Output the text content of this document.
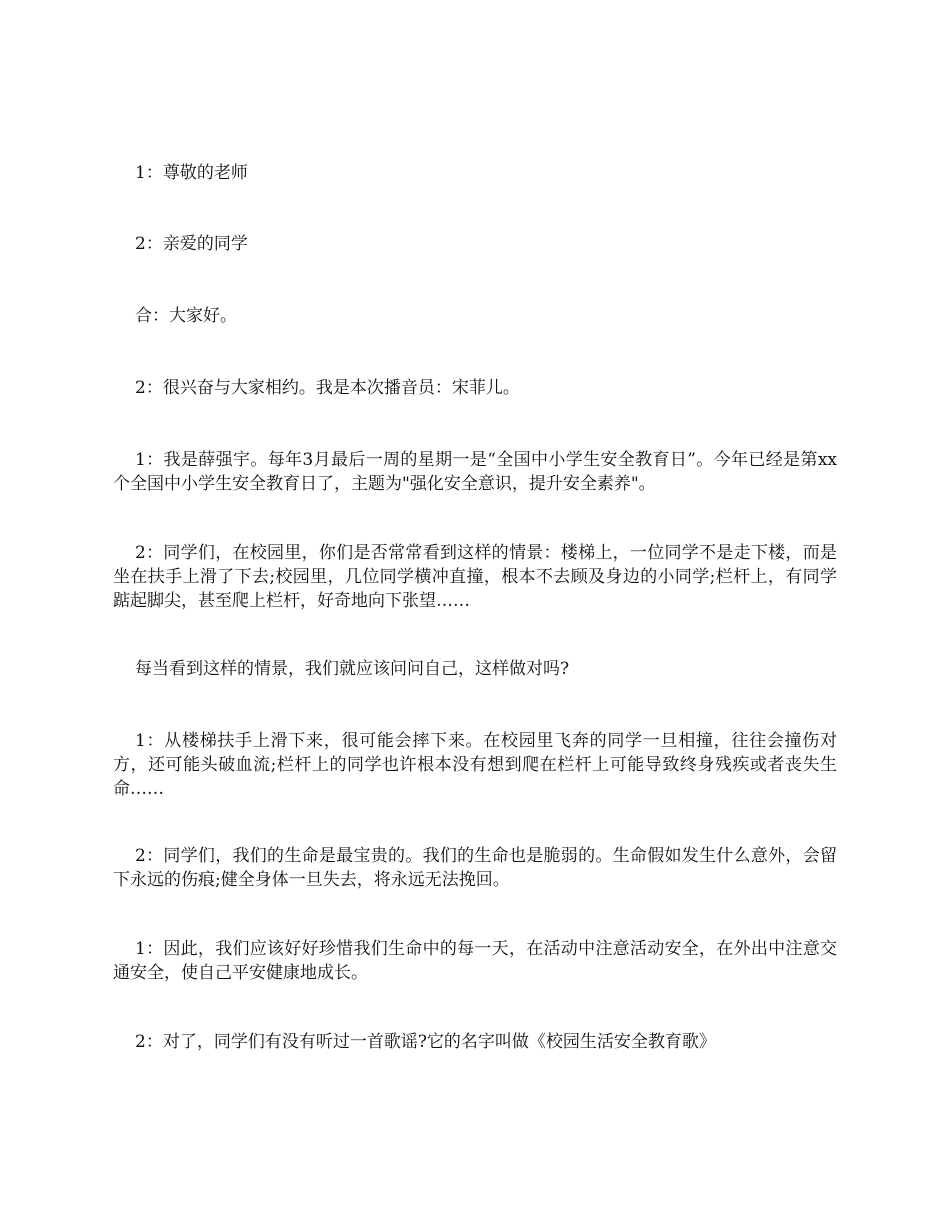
1：尊敬的老师

2：亲爱的同学

合：大家好。

2：很兴奋与大家相约。我是本次播音员：宋菲儿。

1：我是薛强宇。每年3月最后一周的星期一是“全国中小学生安全教育日”。今年已经是第xx个全国中小学生安全教育日了，主题为"强化安全意识，提升安全素养"。

2：同学们，在校园里，你们是否常常看到这样的情景：楼梯上，一位同学不是走下楼，而是坐在扶手上滑了下去;校园里，几位同学横冲直撞，根本不去顾及身边的小同学;栏杆上，有同学踮起脚尖，甚至爬上栏杆，好奇地向下张望……

每当看到这样的情景，我们就应该问问自己，这样做对吗?

1：从楼梯扶手上滑下来，很可能会摔下来。在校园里飞奔的同学一旦相撞，往往会撞伤对方，还可能头破血流;栏杆上的同学也许根本没有想到爬在栏杆上可能导致终身残疾或者丧失生命……

2：同学们，我们的生命是最宝贵的。我们的生命也是脆弱的。生命假如发生什么意外，会留下永远的伤痕;健全身体一旦失去，将永远无法挽回。

1：因此，我们应该好好珍惜我们生命中的每一天，在活动中注意活动安全，在外出中注意交通安全，使自己平安健康地成长。

2：对了，同学们有没有听过一首歌谣?它的名字叫做《校园生活安全教育歌》
